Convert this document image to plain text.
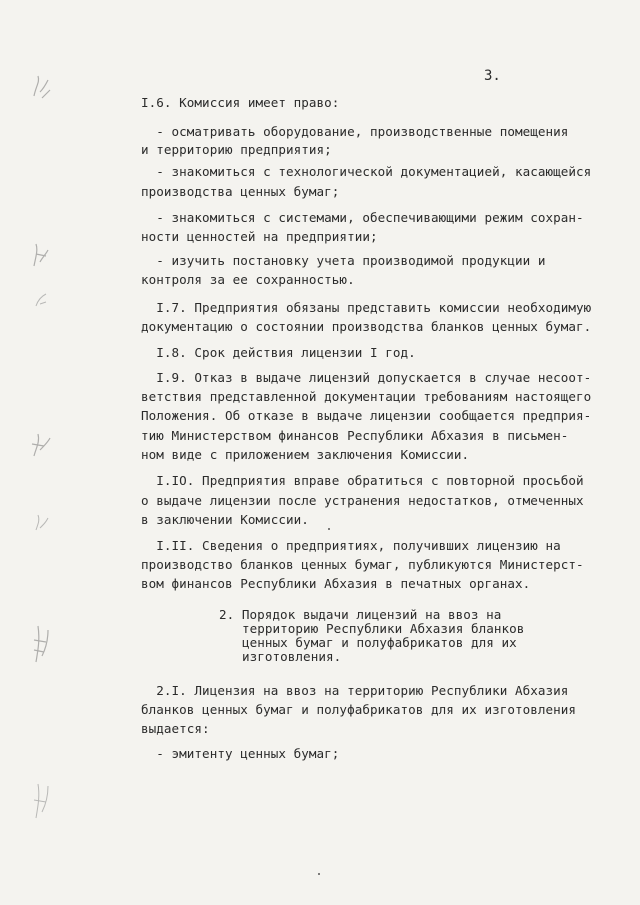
3.
I.6. Комиссия имеет право:
- осматривать оборудование, производственные помещения
и территорию предприятия;
- знакомиться с технологической документацией, касающейся
производства ценных бумаг;
- знакомиться с системами, обеспечивающими режим сохран-
ности ценностей на предприятии;
- изучить постановку учета производимой продукции и
контроля за ее сохранностью.
I.7. Предприятия обязаны представить комиссии необходимую
документацию о состоянии производства бланков ценных бумаг.
I.8. Срок действия лицензии I год.
I.9. Отказ в выдаче лицензий допускается в случае несоот-
ветствия представленной документации требованиям настоящего
Положения. Об отказе в выдаче лицензии сообщается предприя-
тию Министерством финансов Республики Абхазия в письмен-
ном виде с приложением заключения Комиссии.
I.IO. Предприятия вправе обратиться с повторной просьбой
о выдаче лицензии после устранения недостатков, отмеченных
в заключении Комиссии.
I.II. Сведения о предприятиях, получивших лицензию на
производство бланков ценных бумаг, публикуются Министерст-
вом финансов Республики Абхазия в печатных органах.
2. Порядок выдачи лицензий на ввоз на
территорию Республики Абхазия бланков
ценных бумаг и полуфабрикатов для их
изготовления.
2.I. Лицензия на ввоз на территорию Республики Абхазия
бланков ценных бумаг и полуфабрикатов для их изготовления
выдается:
- эмитенту ценных бумаг;
